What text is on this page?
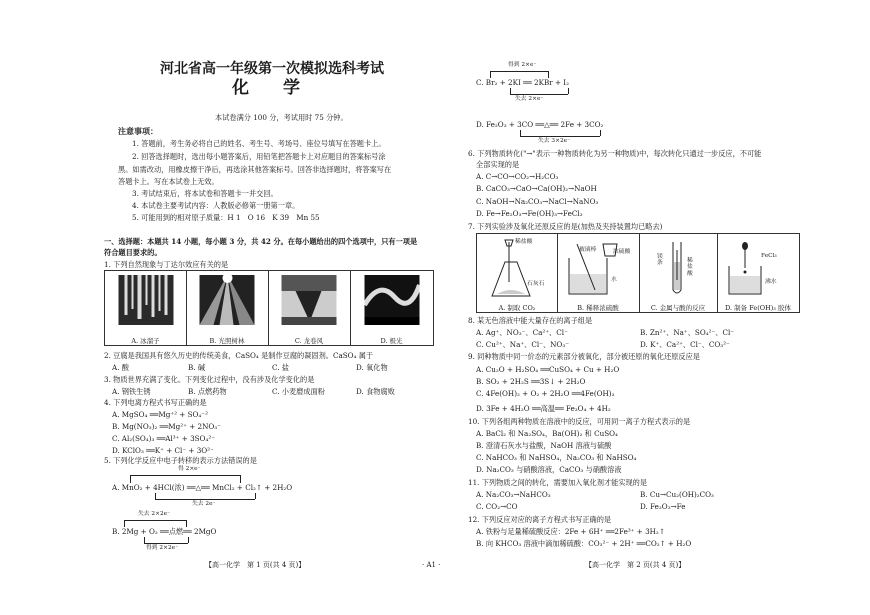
河北省高一年级第一次模拟选科考试
化　　学
本试卷满分 100 分，考试用时 75 分钟。
注意事项：
1. 答题前，考生务必将自己的姓名、考生号、考场号、座位号填写在答题卡上。
2. 回答选择题时，选出每小题答案后，用铅笔把答题卡上对应题目的答案标号涂
黑。如需改动，用橡皮擦干净后，再选涂其他答案标号。回答非选择题时，将答案写在
答题卡上。写在本试卷上无效。
3. 考试结束后，将本试卷和答题卡一并交回。
4. 本试卷主要考试内容：人教版必修第一册第一章。
5. 可能用到的相对原子质量：H 1　O 16　K 39　Mn 55
一、选择题：本题共 14 小题，每小题 3 分，共 42 分。在每小题给出的四个选项中，只有一项是
符合题目要求的。
1. 下列自然现象与丁达尔效应有关的是
A. 冰溜子	B. 光照树林	C. 龙卷风	D. 极光
2. 豆腐是我国具有悠久历史的传统美食，CaSO₄ 是制作豆腐的凝固剂。CaSO₄ 属于
A. 酸	B. 碱	C. 盐	D. 氧化物
3. 物质世界充满了变化。下列变化过程中，没有涉及化学变化的是
A. 钢铁生锈	B. 点燃药物	C. 小麦磨成面粉	D. 食物腐败
4. 下列电离方程式书写正确的是
A. MgSO₄ ══Mg⁺² + SO₄⁻²
B. Mg(NO₃)₂ ══Mg²⁺ + 2NO₃⁻
C. Al₂(SO₄)₃ ══Al³⁺ + 3SO₄²⁻
D. KClO₃ ══K⁺ + Cl⁻ + 3O²⁻
5. 下列化学反应中电子转移的表示方法错误的是
得 2×e⁻
A. MnO₂ + 4HCl(浓) ══△══ MnCl₂ + Cl₂↑ + 2H₂O
失去 2e⁻
失去 2×2e⁻
B. 2Mg + O₂ ══点燃══ 2MgO
得到 2×2e⁻
【高一化学　第 1 页(共 4 页)】	· A1 ·
得到 2×e⁻
C. Br₂ + 2KI ══ 2KBr + I₂
失去 2×e⁻
D. Fe₂O₃ + 3CO ══△══ 2Fe + 3CO₂
失去 3×2e⁻
6. 下列物质转化("→"表示一种物质转化为另一种物质)中，每次转化只通过一步反应，不可能
全部实现的是
A. C→CO→CO₂→H₂CO₃
B. CaCO₃→CaO→Ca(OH)₂→NaOH
C. NaOH→Na₂CO₃→NaCl→NaNO₃
D. Fe→Fe₂O₃→Fe(OH)₃→FeCl₃
7. 下列实验涉及氧化还原反应的是(加热及夹持装置均已略去)
稀盐酸
石灰石
A. 制取 CO₂
玻璃棒	浓硫酸
水
B. 稀释浓硫酸
镁条	稀盐酸
C. 金属与酸的反应
FeCl₃
沸水
D. 制备 Fe(OH)₃ 胶体
8. 某无色溶液中能大量存在的离子组是
A. Ag⁺、NO₃⁻、Ca²⁺、Cl⁻	B. Zn²⁺、Na⁺、SO₄²⁻、Cl⁻
C. Cu²⁺、Na⁺、Cl⁻、NO₃⁻	D. K⁺、Ca²⁺、Cl⁻、CO₃²⁻
9. 同种物质中同一价态的元素部分被氧化，部分被还原的氧化还原反应是
A. Cu₂O + H₂SO₄ ══CuSO₄ + Cu + H₂O
B. SO₂ + 2H₂S ══3S↓ + 2H₂O
C. 4Fe(OH)₂ + O₂ + 2H₂O ══4Fe(OH)₃
D. 3Fe + 4H₂O ══高温══ Fe₃O₄ + 4H₂
10. 下列各组两种物质在溶液中的反应，可用同一离子方程式表示的是
A. BaCl₂ 和 Na₂SO₄，Ba(OH)₂ 和 CuSO₄
B. 澄清石灰水与盐酸，NaOH 溶液与硫酸
C. NaHCO₃ 和 NaHSO₄，Na₂CO₃ 和 NaHSO₄
D. Na₂CO₃ 与硝酸溶液，CaCO₃ 与硝酸溶液
11. 下列物质之间的转化，需要加入氧化剂才能实现的是
A. Na₂CO₃→NaHCO₃	B. Cu→Cu₂(OH)₂CO₃
C. CO₂→CO	D. Fe₂O₃→Fe
12. 下列反应对应的离子方程式书写正确的是
A. 铁粉与足量稀硫酸反应：2Fe + 6H⁺ ══2Fe³⁺ + 3H₂↑
B. 向 KHCO₃ 溶液中滴加稀硫酸：CO₃²⁻ + 2H⁺ ══CO₂↑ + H₂O
【高一化学　第 2 页(共 4 页)】
